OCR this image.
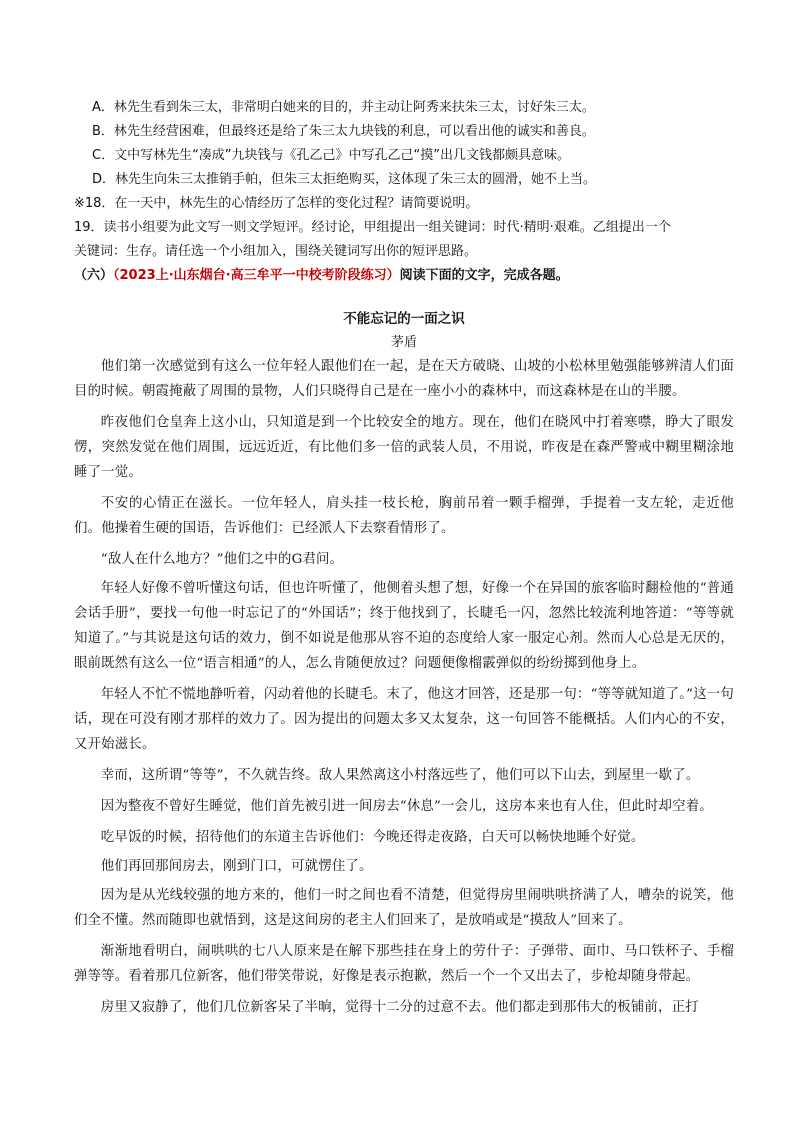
A．林先生看到朱三太，非常明白她来的目的，并主动让阿秀来扶朱三太，讨好朱三太。
B．林先生经营困难，但最终还是给了朱三太九块钱的利息，可以看出他的诚实和善良。
C．文中写林先生“凑成”九块钱与《孔乙己》中写孔乙己“摸”出几文钱都颇具意味。
D．林先生向朱三太推销手帕，但朱三太拒绝购买，这体现了朱三太的圆滑，她不上当。
※18．在一天中，林先生的心情经历了怎样的变化过程？请简要说明。
19．读书小组要为此文写一则文学短评。经讨论，甲组提出一组关键词：时代·精明·艰难。乙组提出一个
关键词：生存。请任选一个小组加入，围绕关键词写出你的短评思路。
（六）（2023上·山东烟台·高三牟平一中校考阶段练习）阅读下面的文字，完成各题。
不能忘记的一面之识
茅盾

他们第一次感觉到有这么一位年轻人跟他们在一起，是在天方破晓、山坡的小松林里勉强能够辨清人们面目的时候。朝霞掩蔽了周围的景物，人们只晓得自己是在一座小小的森林中，而这森林是在山的半腰。

昨夜他们仓皇奔上这小山，只知道是到一个比较安全的地方。现在，他们在晓风中打着寒噤，睁大了眼发愣，突然发觉在他们周围，远远近近，有比他们多一倍的武装人员，不用说，昨夜是在森严警戒中糊里糊涂地睡了一觉。

不安的心情正在滋长。一位年轻人，肩头挂一枝长枪，胸前吊着一颗手榴弹，手提着一支左轮，走近他们。他操着生硬的国语，告诉他们：已经派人下去察看情形了。

“敌人在什么地方？”他们之中的G君问。

年轻人好像不曾听懂这句话，但也许听懂了，他侧着头想了想，好像一个在异国的旅客临时翻检他的“普通会话手册”，要找一句他一时忘记了的“外国话”；终于他找到了，长睫毛一闪，忽然比较流利地答道：“等等就知道了。”与其说是这句话的效力，倒不如说是他那从容不迫的态度给人家一服定心剂。然而人心总是无厌的，眼前既然有这么一位“语言相通”的人，怎么肯随便放过？问题便像榴霰弹似的纷纷掷到他身上。

年轻人不忙不慌地静听着，闪动着他的长睫毛。末了，他这才回答，还是那一句：“等等就知道了。”这一句话，现在可没有刚才那样的效力了。因为提出的问题太多又太复杂，这一句回答不能概括。人们内心的不安，又开始滋长。

幸而，这所谓“等等”，不久就告终。敌人果然离这小村落远些了，他们可以下山去，到屋里一歇了。

因为整夜不曾好生睡觉，他们首先被引进一间房去“休息”一会儿，这房本来也有人住，但此时却空着。

吃早饭的时候，招待他们的东道主告诉他们：今晚还得走夜路，白天可以畅快地睡个好觉。

他们再回那间房去，刚到门口，可就愣住了。

因为是从光线较强的地方来的，他们一时之间也看不清楚，但觉得房里闹哄哄挤满了人，嘈杂的说笑，他们全不懂。然而随即也就悟到，这是这间房的老主人们回来了，是放哨或是“摸敌人”回来了。

渐渐地看明白，闹哄哄的七八人原来是在解下那些挂在身上的劳什子：子弹带、面巾、马口铁杯子、手榴弹等等。看着那几位新客，他们带笑带说，好像是表示抱歉，然后一个一个又出去了，步枪却随身带起。

房里又寂静了，他们几位新客呆了半晌，觉得十二分的过意不去。他们都走到那伟大的板铺前，正打
